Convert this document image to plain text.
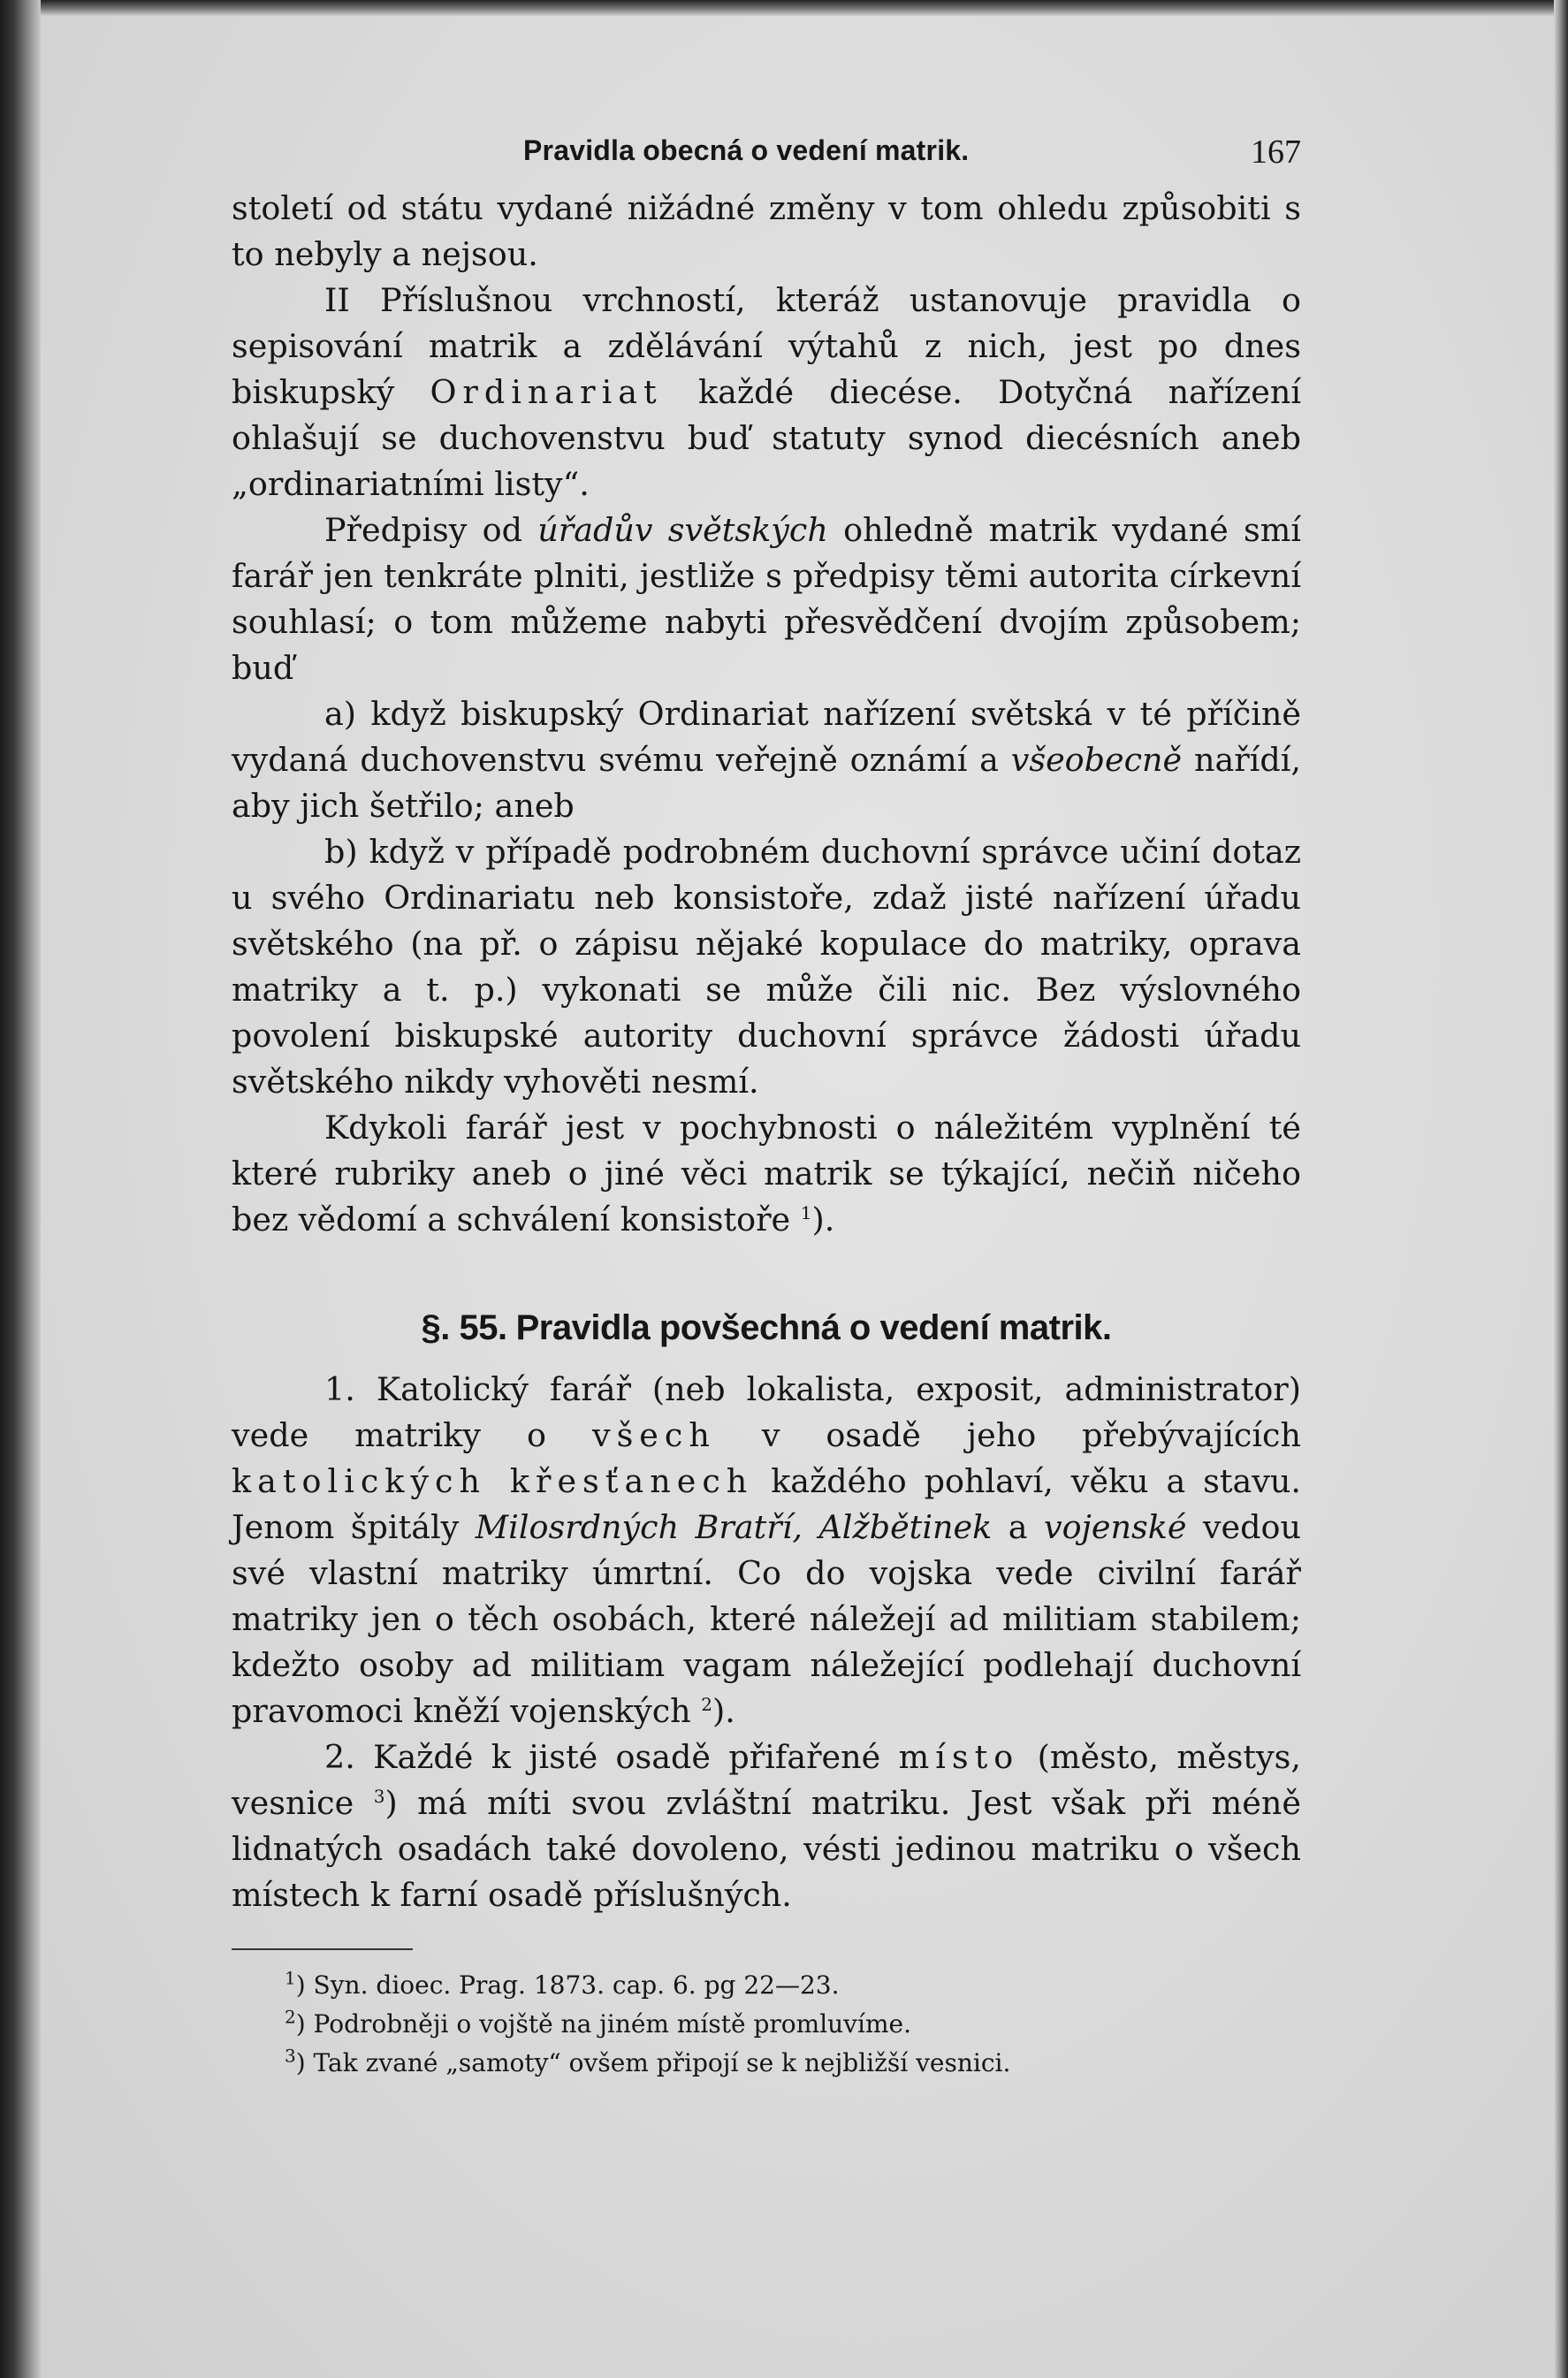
Pravidla obecná o vedení matrik.	167

století od státu vydané nižádné změny v tom ohledu způsobiti s to nebyly a nejsou.

II Příslušnou vrchností, kteráž ustanovuje pravidla o sepisování matrik a zdělávání výtahů z nich, jest po dnes biskupský Ordinariat každé diecése. Dotyčná nařízení ohlašují se duchovenstvu buď statuty synod diecésních aneb „ordinariatními listy“.

Předpisy od úřadův světských ohledně matrik vydané smí farář jen tenkráte plniti, jestliže s předpisy těmi autorita církevní souhlasí; o tom můžeme nabyti přesvědčení dvojím způsobem; buď

a) když biskupský Ordinariat nařízení světská v té příčině vydaná duchovenstvu svému veřejně oznámí a všeobecně nařídí, aby jich šetřilo; aneb

b) když v případě podrobném duchovní správce učiní dotaz u svého Ordinariatu neb konsistoře, zdaž jisté nařízení úřadu světského (na př. o zápisu nějaké kopulace do matriky, oprava matriky a t. p.) vykonati se může čili nic. Bez výslovného povolení biskupské autority duchovní správce žádosti úřadu světského nikdy vyhověti nesmí.

Kdykoli farář jest v pochybnosti o náležitém vyplnění té které rubriky aneb o jiné věci matrik se týkající, nečiň ničeho bez vědomí a schválení konsistoře $^1$).

§. 55. Pravidla povšechná o vedení matrik.

1. Katolický farář (neb lokalista, exposit, administrator) vede matriky o všech v osadě jeho přebývajících katolických křesťanech každého pohlaví, věku a stavu. Jenom špitály Milosrdných Bratří, Alžbětinek a vojenské vedou své vlastní matriky úmrtní. Co do vojska vede civilní farář matriky jen o těch osobách, které náležejí ad militiam stabilem; kdežto osoby ad militiam vagam náležející podlehají duchovní pravomoci kněží vojenských $^2$).

2. Každé k jisté osadě přifařené místo (město, městys, vesnice $^3$) má míti svou zvláštní matriku. Jest však při méně lidnatých osadách také dovoleno, vésti jedinou matriku o všech místech k farní osadě příslušných.

$^1$) Syn. dioec. Prag. 1873. cap. 6. pg 22—23.
$^2$) Podrobněji o vojště na jiném místě promluvíme.
$^3$) Tak zvané „samoty“ ovšem připojí se k nejbližší vesnici.
